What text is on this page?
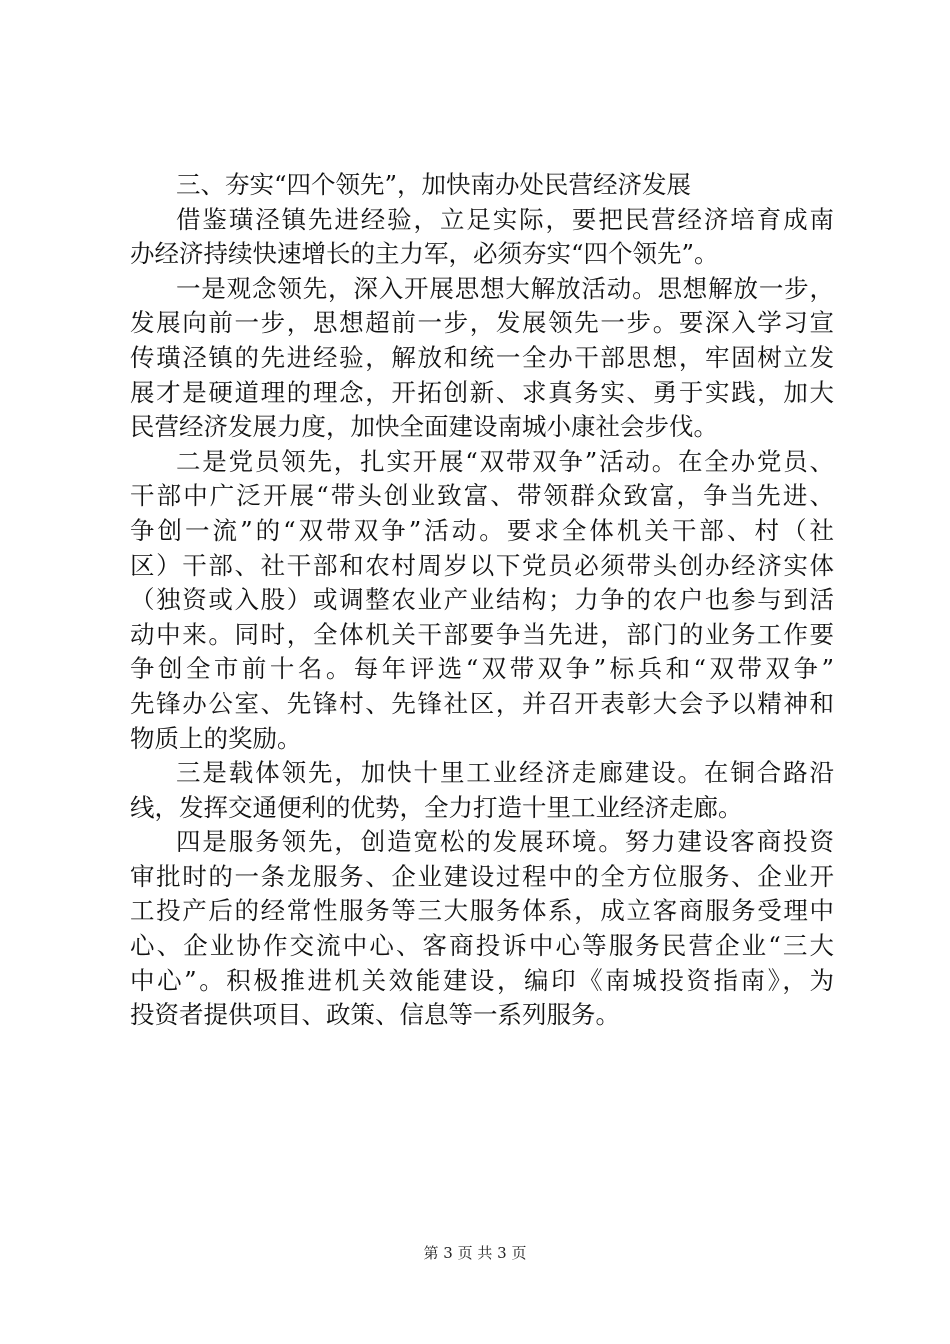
三、夯实“四个领先”，加快南办处民营经济发展
借鉴璜泾镇先进经验，立足实际，要把民营经济培育成南
办经济持续快速增长的主力军，必须夯实“四个领先”。
一是观念领先，深入开展思想大解放活动。思想解放一步，
发展向前一步，思想超前一步，发展领先一步。要深入学习宣
传璜泾镇的先进经验，解放和统一全办干部思想，牢固树立发
展才是硬道理的理念，开拓创新、求真务实、勇于实践，加大
民营经济发展力度，加快全面建设南城小康社会步伐。
二是党员领先，扎实开展“双带双争”活动。在全办党员、
干部中广泛开展“带头创业致富、带领群众致富，争当先进、
争创一流”的“双带双争”活动。要求全体机关干部、村（社
区）干部、社干部和农村周岁以下党员必须带头创办经济实体
（独资或入股）或调整农业产业结构；力争的农户也参与到活
动中来。同时，全体机关干部要争当先进，部门的业务工作要
争创全市前十名。每年评选“双带双争”标兵和“双带双争”
先锋办公室、先锋村、先锋社区，并召开表彰大会予以精神和
物质上的奖励。
三是载体领先，加快十里工业经济走廊建设。在铜合路沿
线，发挥交通便利的优势，全力打造十里工业经济走廊。
四是服务领先，创造宽松的发展环境。努力建设客商投资
审批时的一条龙服务、企业建设过程中的全方位服务、企业开
工投产后的经常性服务等三大服务体系，成立客商服务受理中
心、企业协作交流中心、客商投诉中心等服务民营企业“三大
中心”。积极推进机关效能建设，编印《南城投资指南》，为
投资者提供项目、政策、信息等一系列服务。
第 3 页 共 3 页
